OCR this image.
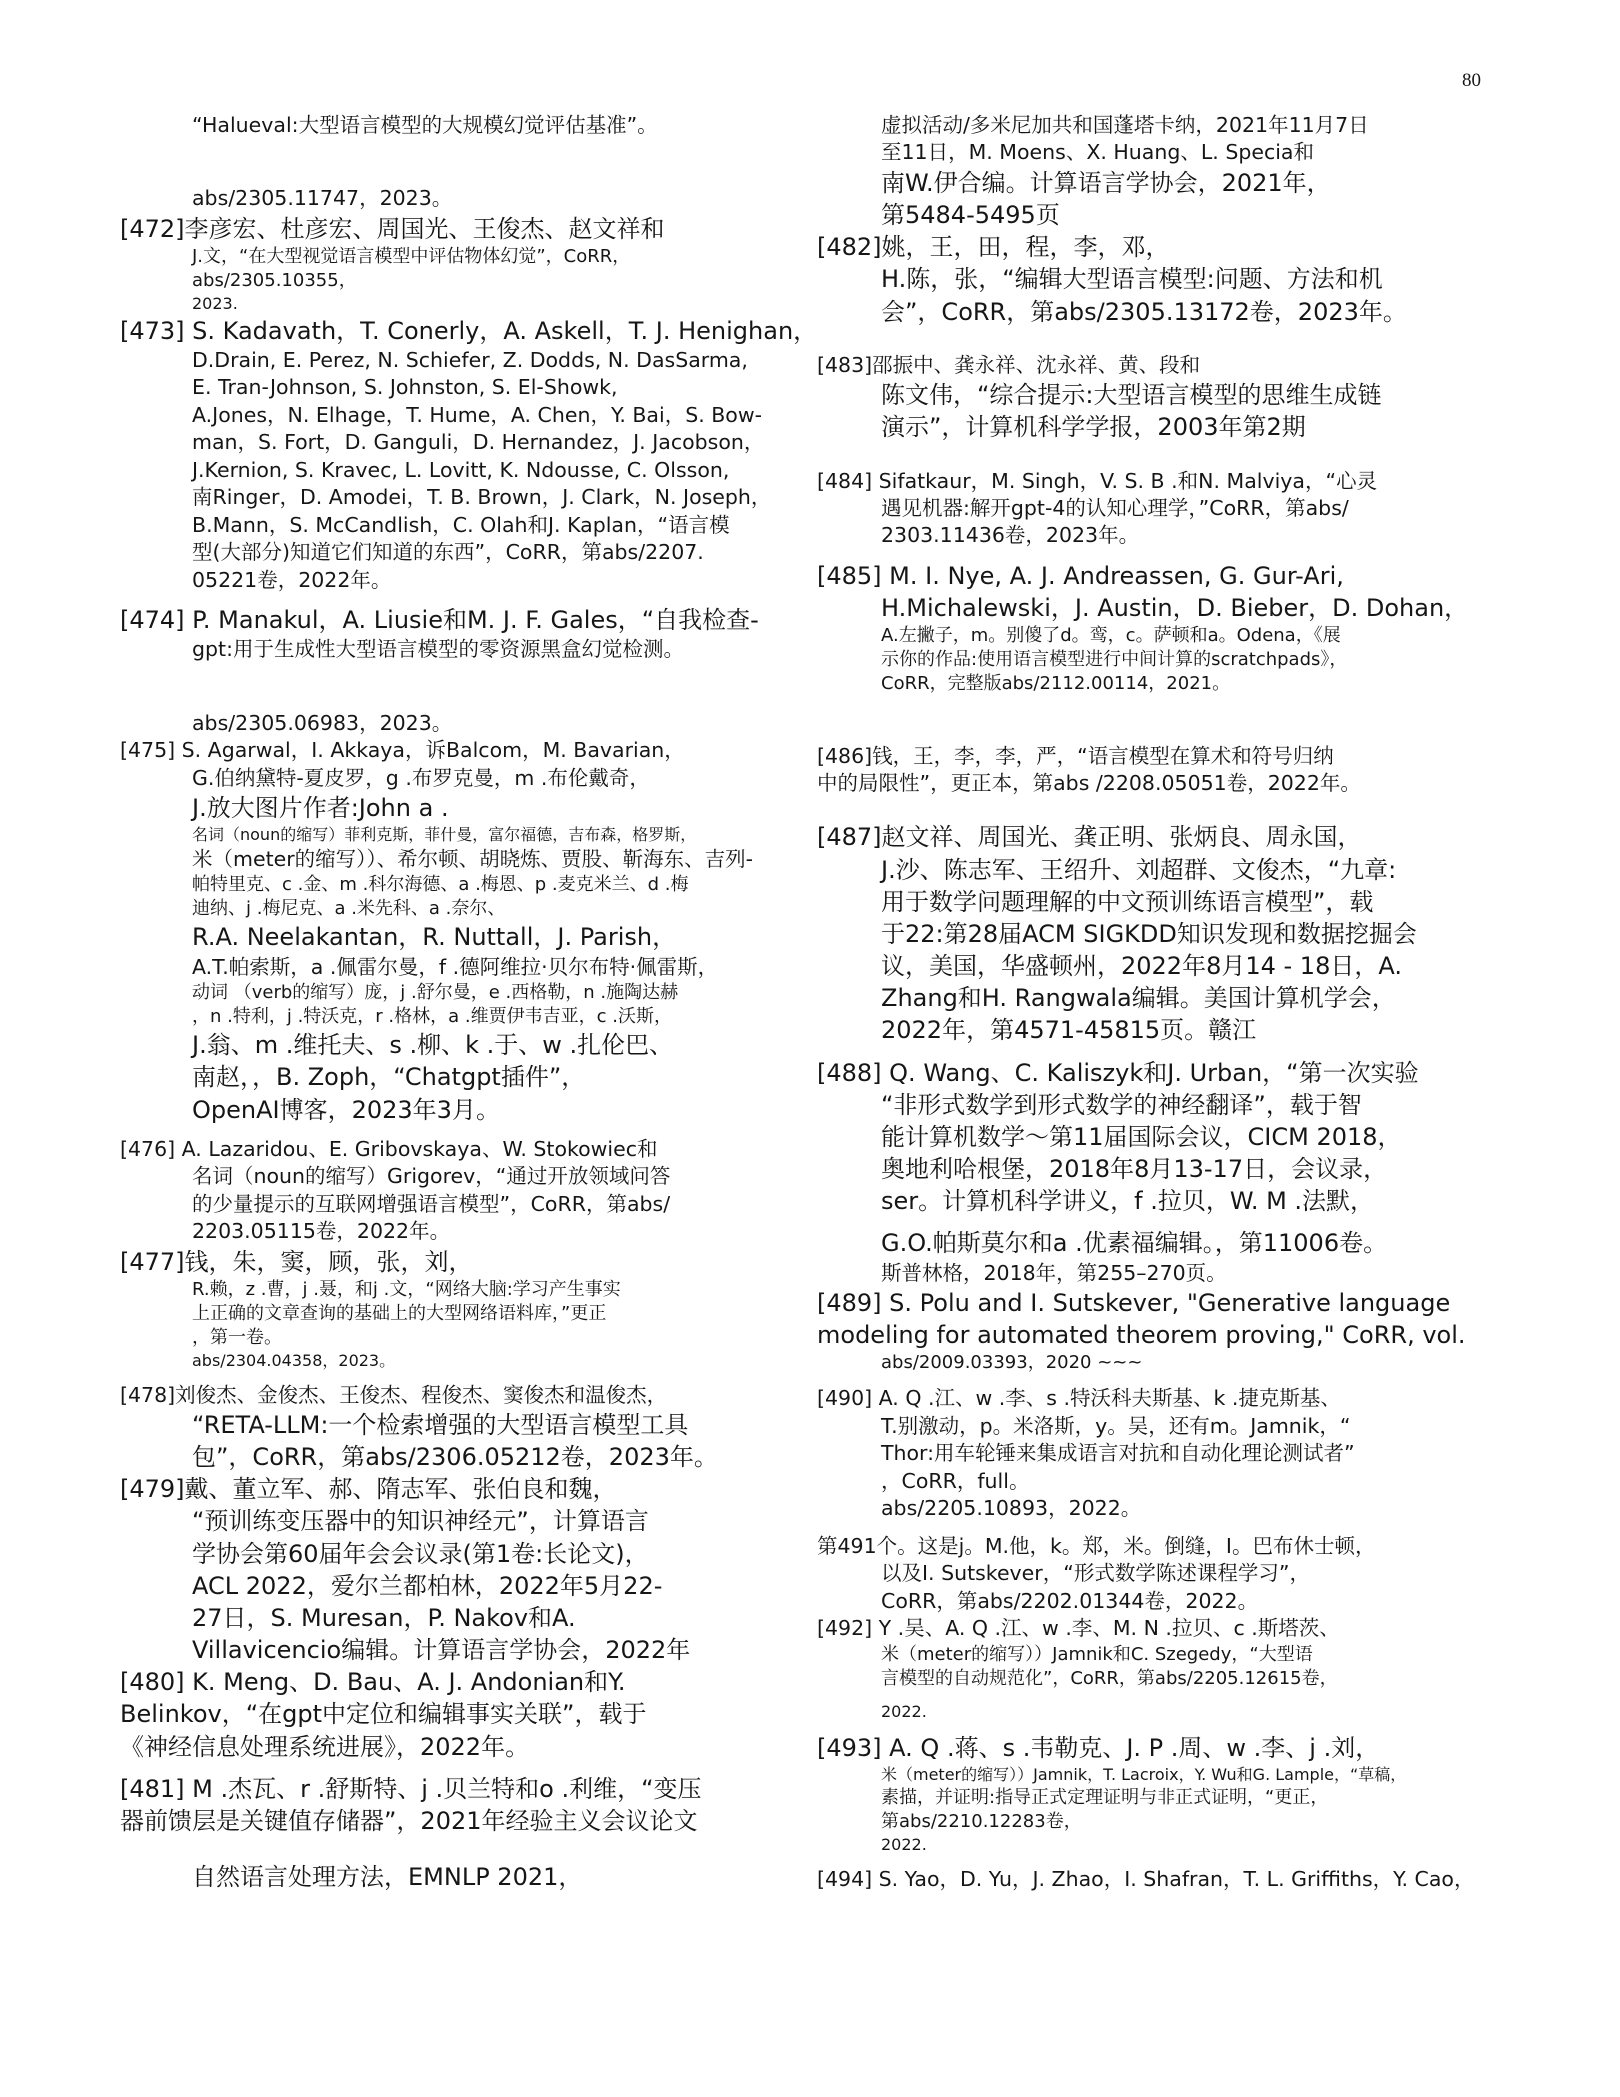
80
“Halueval:大型语言模型的大规模幻觉评估基准”。
abs/2305.11747，2023。
[472]李彦宏、杜彦宏、周国光、王俊杰、赵文祥和
J.文，“在大型视觉语言模型中评估物体幻觉”，CoRR，
abs/2305.10355，
2023.
[473] S. Kadavath，T. Conerly，A. Askell，T. J. Henighan，
D.Drain, E. Perez, N. Schiefer, Z. Dodds, N. DasSarma,
E. Tran-Johnson, S. Johnston, S. El-Showk,
A.Jones，N. Elhage，T. Hume，A. Chen，Y. Bai，S. Bow-
man，S. Fort，D. Ganguli，D. Hernandez，J. Jacobson，
J.Kernion, S. Kravec, L. Lovitt, K. Ndousse, C. Olsson,
南Ringer，D. Amodei，T. B. Brown，J. Clark，N. Joseph，
B.Mann，S. McCandlish，C. Olah和J. Kaplan，“语言模
型(大部分)知道它们知道的东西”，CoRR，第abs/2207.
05221卷，2022年。
[474] P. Manakul，A. Liusie和M. J. F. Gales，“自我检查-
gpt:用于生成性大型语言模型的零资源黑盒幻觉检测。
abs/2305.06983，2023。
[475] S. Agarwal，I. Akkaya，诉Balcom，M. Bavarian，
G.伯纳黛特-夏皮罗，g .布罗克曼，m .布伦戴奇，
J.放大图片作者:John a .
名词（noun的缩写）菲利克斯，菲什曼，富尔福德，吉布森，格罗斯，
米（meter的缩写））、希尔顿、胡晓炼、贾股、靳海东、吉列-
帕特里克、c .金、m .科尔海德、a .梅恩、p .麦克米兰、d .梅
迪纳、j .梅尼克、a .米先科、a .奈尔、
R.A. Neelakantan，R. Nuttall，J. Parish，
A.T.帕索斯，a .佩雷尔曼，f .德阿维拉·贝尔布特·佩雷斯，
动词 （verb的缩写）庞，j .舒尔曼，e .西格勒，n .施陶达赫
，n .特利，j .特沃克，r .格林，a .维贾伊韦吉亚，c .沃斯，
J.翁、m .维托夫、s .柳、k .于、w .扎伦巴、
南赵，，B. Zoph，“Chatgpt插件”，
OpenAI博客，2023年3月。
[476] A. Lazaridou、E. Gribovskaya、W. Stokowiec和
名词（noun的缩写）Grigorev，“通过开放领域问答
的少量提示的互联网增强语言模型”，CoRR，第abs/
2203.05115卷，2022年。
[477]钱，朱，窦，顾，张，刘，
R.赖，z .曹，j .聂，和j .文，“网络大脑:学习产生事实
上正确的文章查询的基础上的大型网络语料库，”更正
，第一卷。
abs/2304.04358，2023。
[478]刘俊杰、金俊杰、王俊杰、程俊杰、窦俊杰和温俊杰，
“RETA-LLM:一个检索增强的大型语言模型工具
包”，CoRR，第abs/2306.05212卷，2023年。
[479]戴、董立军、郝、隋志军、张伯良和魏，
“预训练变压器中的知识神经元”，计算语言
学协会第60届年会会议录(第1卷:长论文)，
ACL 2022，爱尔兰都柏林，2022年5月22-
27日，S. Muresan，P. Nakov和A.
Villavicencio编辑。计算语言学协会，2022年
[480] K. Meng、D. Bau、A. J. Andonian和Y.
Belinkov，“在gpt中定位和编辑事实关联”，载于
《神经信息处理系统进展》，2022年。
[481] M .杰瓦、r .舒斯特、j .贝兰特和o .利维，“变压
器前馈层是关键值存储器”，2021年经验主义会议论文
自然语言处理方法，EMNLP 2021，
虚拟活动/多米尼加共和国蓬塔卡纳，2021年11月7日
至11日，M. Moens、X. Huang、L. Specia和
南W.伊合编。计算语言学协会，2021年，
第5484-5495页
[482]姚，王，田，程，李，邓，
H.陈，张，“编辑大型语言模型:问题、方法和机
会”，CoRR，第abs/2305.13172卷，2023年。
[483]邵振中、龚永祥、沈永祥、黄、段和
陈文伟，“综合提示:大型语言模型的思维生成链
演示”，计算机科学学报，2003年第2期
[484] Sifatkaur，M. Singh，V. S. B .和N. Malviya，“心灵
遇见机器:解开gpt-4的认知心理学，”CoRR，第abs/
2303.11436卷，2023年。
[485] M. I. Nye, A. J. Andreassen, G. Gur-Ari,
H.Michalewski，J. Austin，D. Bieber，D. Dohan，
A.左撇子，m。别傻了d。鸾，c。萨顿和a。Odena，《展
示你的作品:使用语言模型进行中间计算的scratchpads》，
CoRR，完整版abs/2112.00114，2021。
[486]钱，王，李，李，严，“语言模型在算术和符号归纳
中的局限性”，更正本，第abs /2208.05051卷，2022年。
[487]赵文祥、周国光、龚正明、张炳良、周永国，
J.沙、陈志军、王绍升、刘超群、文俊杰，“九章:
用于数学问题理解的中文预训练语言模型”，载
于22:第28届ACM SIGKDD知识发现和数据挖掘会
议，美国，华盛顿州，2022年8月14 - 18日，A.
Zhang和H. Rangwala编辑。美国计算机学会，
2022年，第4571-45815页。赣江
[488] Q. Wang、C. Kaliszyk和J. Urban，“第一次实验
“非形式数学到形式数学的神经翻译”，载于智
能计算机数学～第11届国际会议，CICM 2018，
奥地利哈根堡，2018年8月13-17日，会议录，
ser。计算机科学讲义，f .拉贝，W. M .法默，
G.O.帕斯莫尔和a .优素福编辑。，第11006卷。
斯普林格，2018年，第255–270页。
[489] S. Polu and I. Sutskever, "Generative language
modeling for automated theorem proving," CoRR, vol.
abs/2009.03393，2020 ~~~
[490] A. Q .江、w .李、s .特沃科夫斯基、k .捷克斯基、
T.别激动，p。米洛斯，y。吴，还有m。Jamnik，“
Thor:用车轮锤来集成语言对抗和自动化理论测试者”
，CoRR，full。
abs/2205.10893，2022。
第491个。这是j。M.他，k。郑，米。倒缝，I。巴布休士顿，
以及I. Sutskever，“形式数学陈述课程学习”，
CoRR，第abs/2202.01344卷，2022。
[492] Y .吴、A. Q .江、w .李、M. N .拉贝、c .斯塔茨、
米（meter的缩写））Jamnik和C. Szegedy，“大型语
言模型的自动规范化”，CoRR，第abs/2205.12615卷，
2022.
[493] A. Q .蒋、s .韦勒克、J. P .周、w .李、j .刘，
米（meter的缩写））Jamnik，T. Lacroix，Y. Wu和G. Lample，“草稿，
素描，并证明:指导正式定理证明与非正式证明，“更正，
第abs/2210.12283卷，
2022.
[494] S. Yao，D. Yu，J. Zhao，I. Shafran，T. L. Griffiths，Y. Cao，
